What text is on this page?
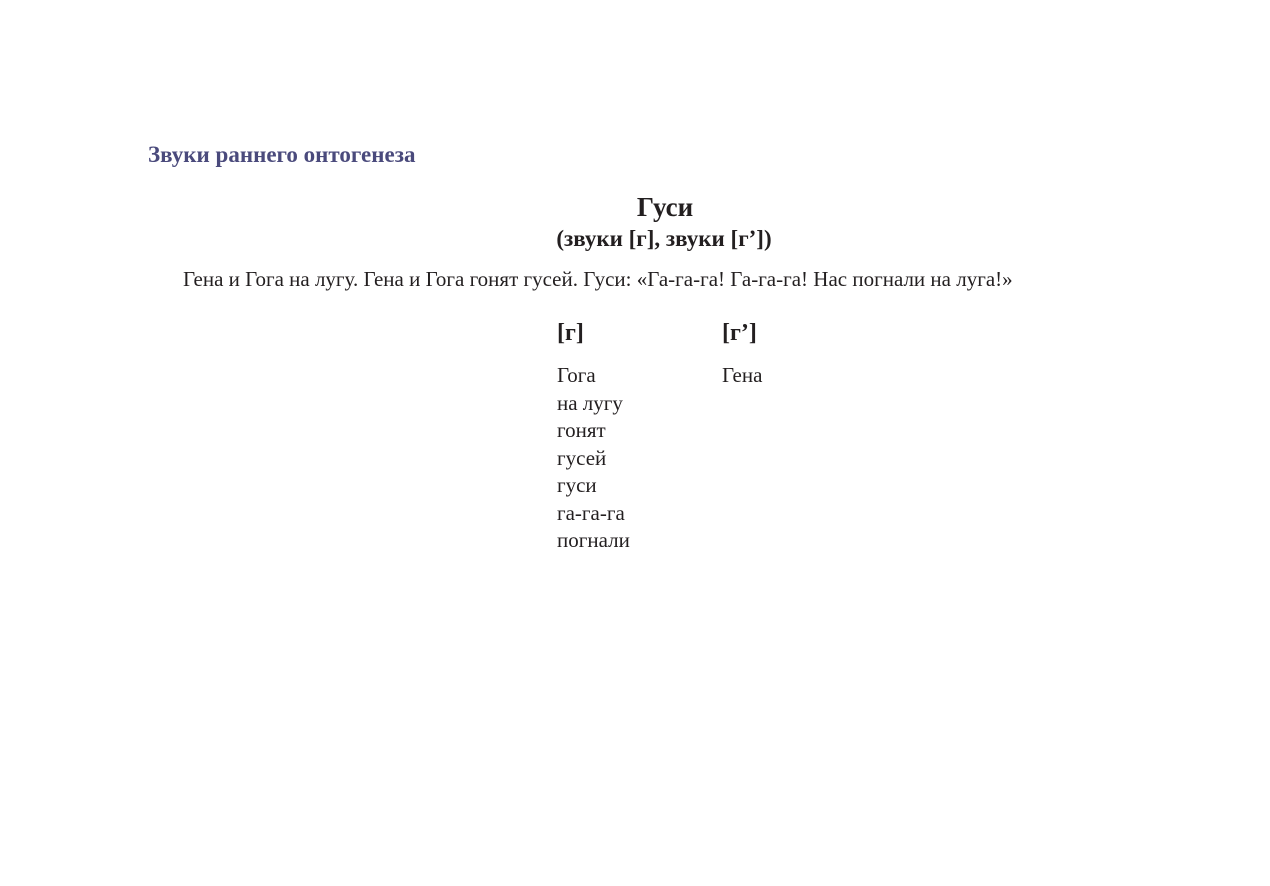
Звуки раннего онтогенеза
Гуси
(звуки [г], звуки [г’])
Гена и Гога на лугу. Гена и Гога гонят гусей. Гуси: «Га-га-га! Га-га-га! Нас погнали на луга!»
[г]
Гога
на лугу
гонят
гусей
гуси
га-га-га
погнали
[г’]
Гена
